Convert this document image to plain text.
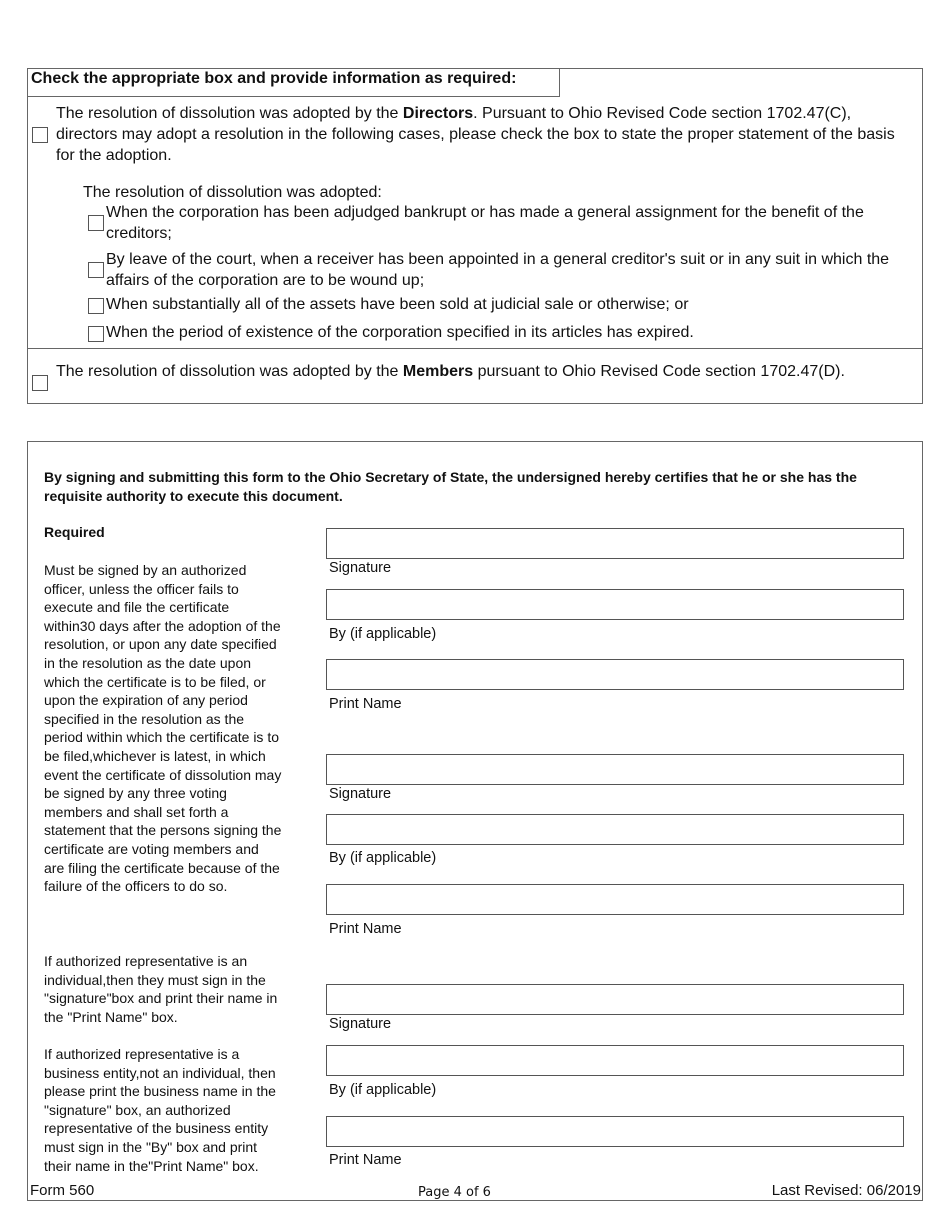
Check the appropriate box and provide information as required:
The resolution of dissolution was adopted by the Directors. Pursuant to Ohio Revised Code section 1702.47(C), directors may adopt a resolution in the following cases, please check the box to state the proper statement of the basis for the adoption.
The resolution of dissolution was adopted:
When the corporation has been adjudged bankrupt or has made a general assignment for the benefit of the creditors;
By leave of the court, when a receiver has been appointed in a general creditor's suit or in any suit in which the affairs of the corporation are to be wound up;
When substantially all of the assets have been sold at judicial sale or otherwise; or
When the period of existence of the corporation specified in its articles has expired.
The resolution of dissolution was adopted by the Members pursuant to Ohio Revised Code section 1702.47(D).
By signing and submitting this form to the Ohio Secretary of State, the undersigned hereby certifies that he or she has the requisite authority to execute this document.
Required
Must be signed by an authorized officer, unless the officer fails to execute and file the certificate within30 days after the adoption of the resolution, or upon any date specified in the resolution as the date upon which the certificate is to be filed, or upon the expiration of any period specified in the resolution as the period within which the certificate is to be filed,whichever is latest, in which event the certificate of dissolution may be signed by any three voting members and shall set forth a statement that the persons signing the certificate are voting members and are filing the certificate because of the failure of the officers to do so.
If authorized representative is an individual,then they must sign in the "signature"box and print their name in the "Print Name" box.
If authorized representative is a business entity,not an individual, then please print the business name in the "signature" box, an authorized representative of the business entity must sign in the "By" box and print their name in the"Print Name" box.
Signature
By (if applicable)
Print Name
Signature
By (if applicable)
Print Name
Signature
By (if applicable)
Print Name
Form 560	Page 4 of 6	Last Revised: 06/2019
